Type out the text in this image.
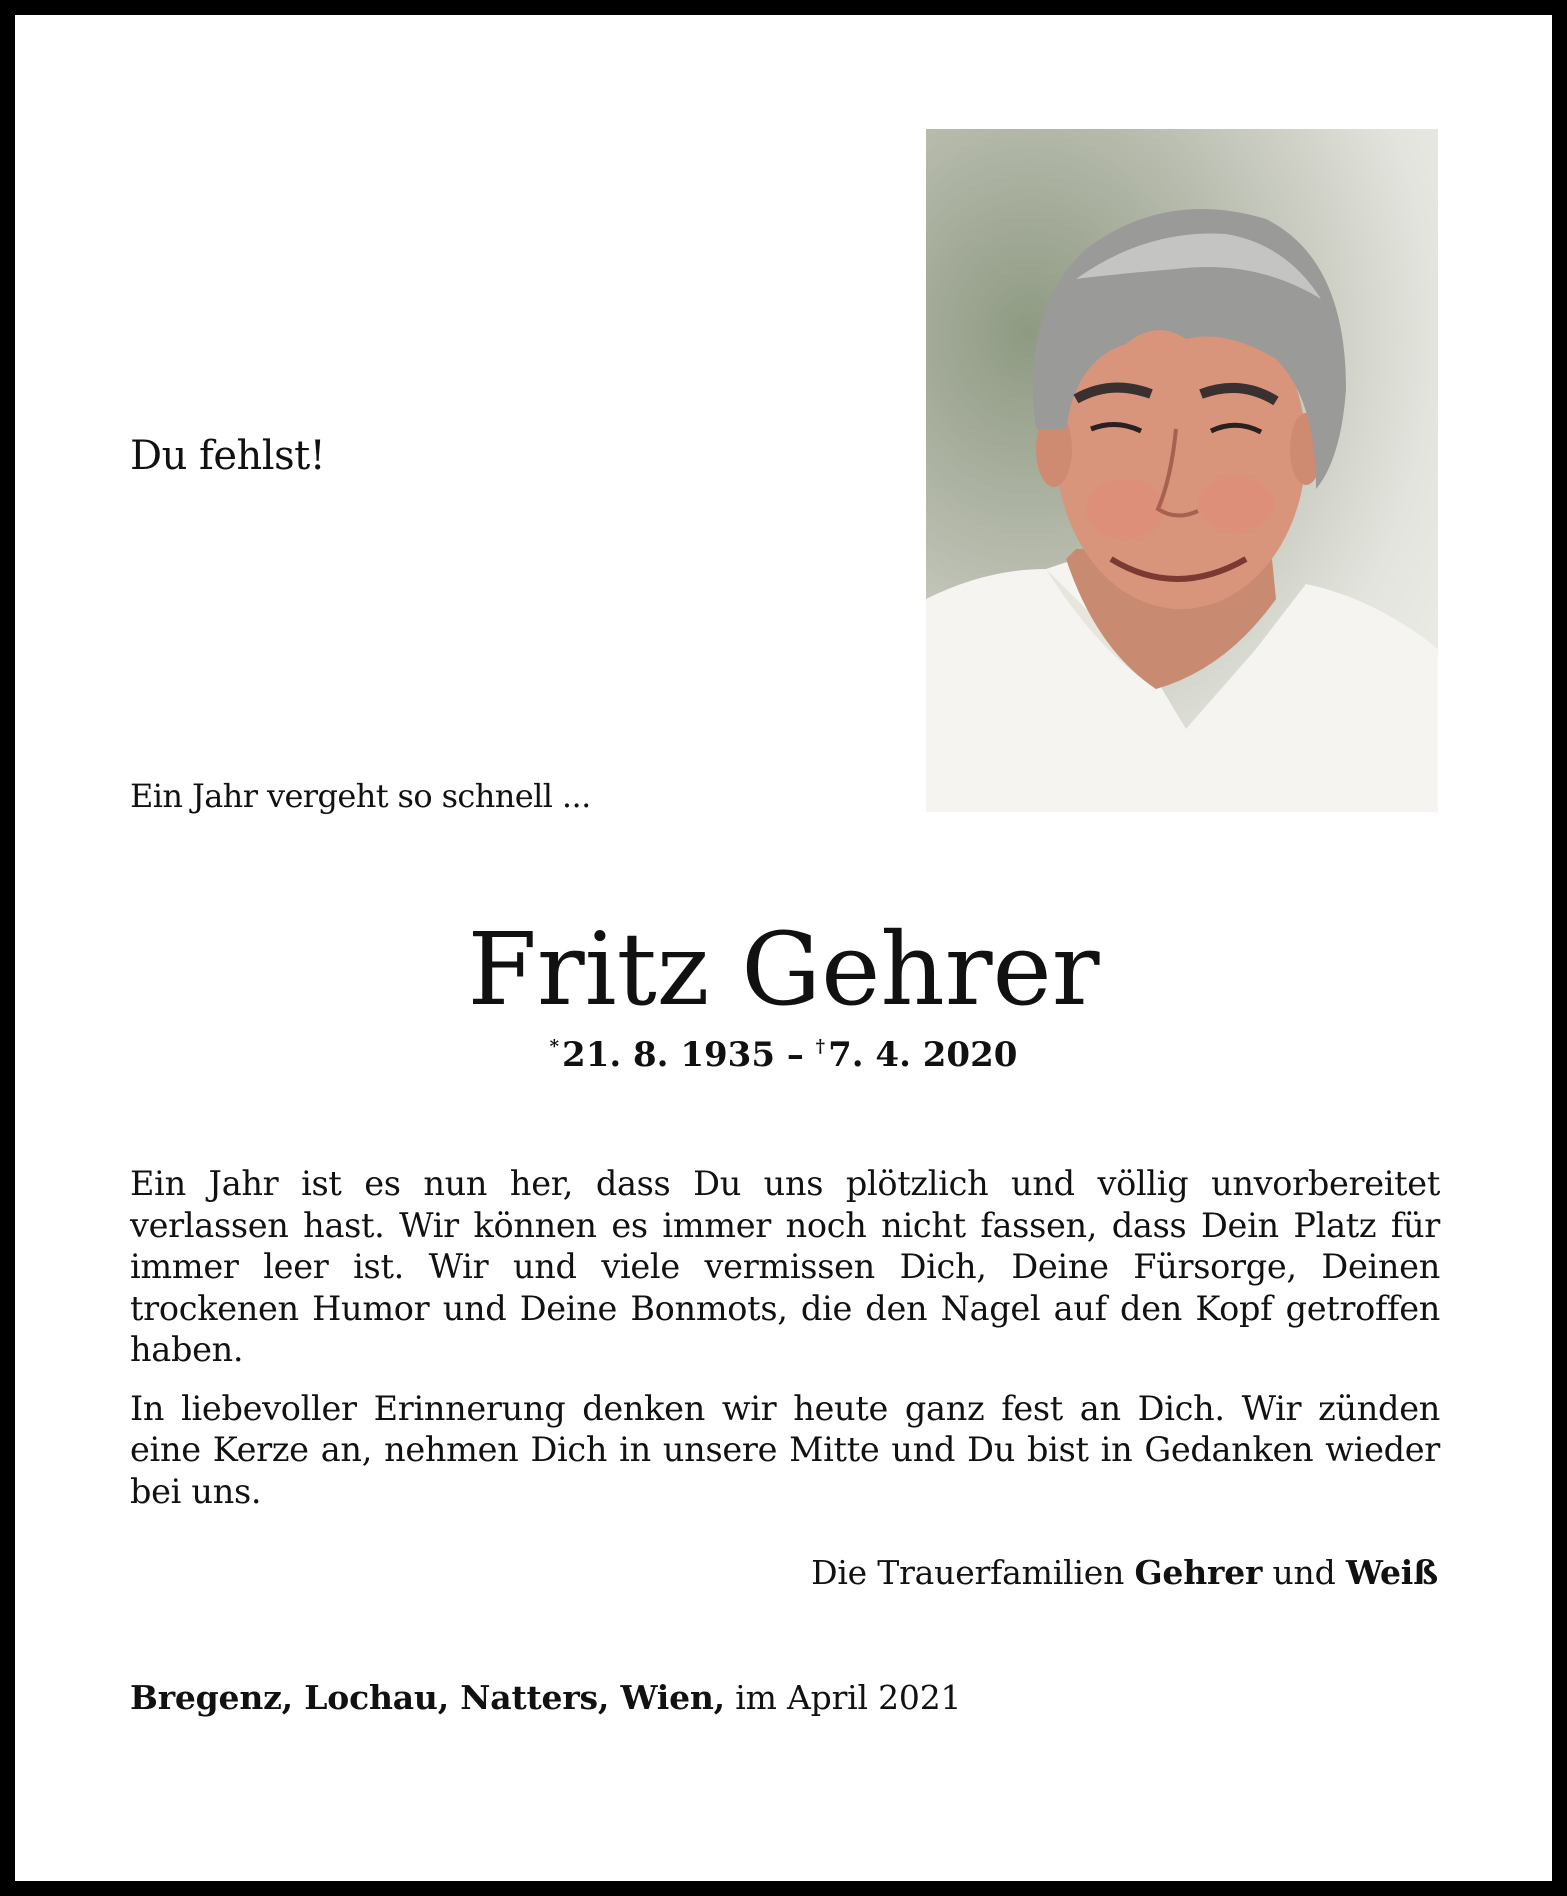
Du fehlst!
Ein Jahr vergeht so schnell ...
Fritz Gehrer
*21. 8. 1935 – †7. 4. 2020

Ein Jahr ist es nun her, dass Du uns plötzlich und völlig unvorbereitet verlassen hast. Wir können es immer noch nicht fassen, dass Dein Platz für immer leer ist. Wir und viele vermissen Dich, Deine Fürsorge, Deinen trockenen Humor und Deine Bonmots, die den Nagel auf den Kopf getroffen haben.

In liebevoller Erinnerung denken wir heute ganz fest an Dich. Wir zünden eine Kerze an, nehmen Dich in unsere Mitte und Du bist in Gedanken wieder bei uns.

Die Trauerfamilien Gehrer und Weiß
Bregenz, Lochau, Natters, Wien, im April 2021
